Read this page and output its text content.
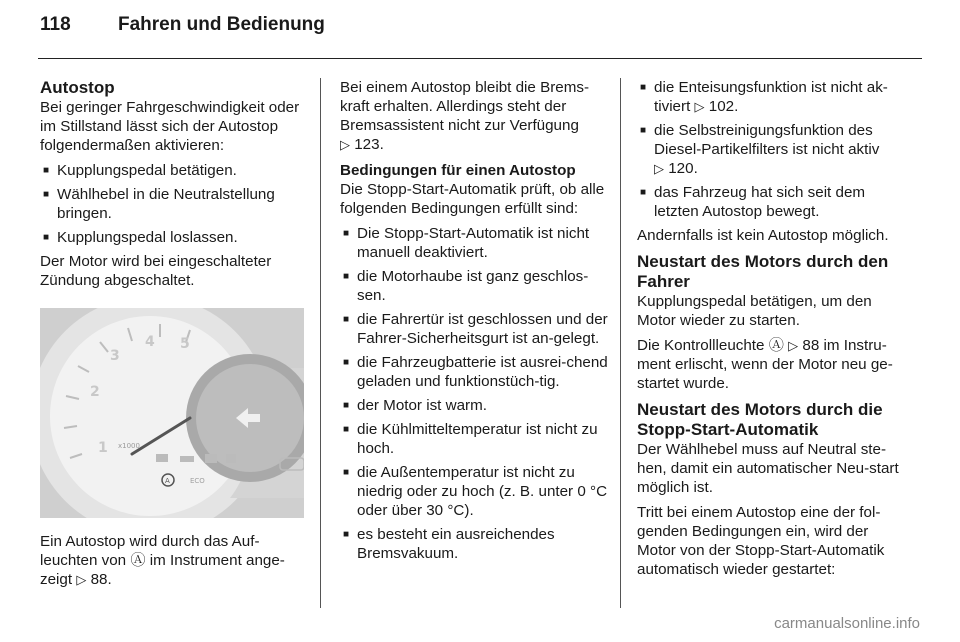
118 Fahren und Bedienung
Autostop

Bei geringer Fahrgeschwindigkeit oder im Stillstand lässt sich der Autostop folgendermaßen aktivieren:

■ Kupplungspedal betätigen.
■ Wählhebel in die Neutralstellung bringen.
■ Kupplungspedal loslassen.

Der Motor wird bei eingeschalteter Zündung abgeschaltet.

1
2
3
4 5
x1000
A	ECO

Ein Autostop wird durch das Auf-leuchten von Ⓐ im Instrument ange-zeigt ▷ 88.

Bei einem Autostop bleibt die Brems-kraft erhalten. Allerdings steht der Bremsassistent nicht zur Verfügung
▷ 123.

Bedingungen für einen Autostop

Die Stopp-Start-Automatik prüft, ob alle folgenden Bedingungen erfüllt sind:

■ Die Stopp-Start-Automatik ist nicht manuell deaktiviert.
■ die Motorhaube ist ganz geschlos-sen.
■ die Fahrertür ist geschlossen und der Fahrer-Sicherheitsgurt ist an-gelegt.
■ die Fahrzeugbatterie ist ausrei-chend geladen und funktionstüch-tig.
■ der Motor ist warm.
■ die Kühlmitteltemperatur ist nicht zu hoch.
■ die Außentemperatur ist nicht zu niedrig oder zu hoch (z. B. unter 0 °C oder über 30 °C).
■ es besteht ein ausreichendes Bremsvakuum.
■ die Enteisungsfunktion ist nicht ak-tiviert ▷ 102.
■ die Selbstreinigungsfunktion des Diesel-Partikelfilters ist nicht aktiv
▷ 120.
■ das Fahrzeug hat sich seit dem letzten Autostop bewegt.

Andernfalls ist kein Autostop möglich.

Neustart des Motors durch den Fahrer

Kupplungspedal betätigen, um den Motor wieder zu starten.

Die Kontrollleuchte Ⓐ ▷ 88 im Instru-ment erlischt, wenn der Motor neu ge-startet wurde.

Neustart des Motors durch die Stopp-Start-Automatik

Der Wählhebel muss auf Neutral ste-hen, damit ein automatischer Neu-start möglich ist.

Tritt bei einem Autostop eine der fol-genden Bedingungen ein, wird der Motor von der Stopp-Start-Automatik automatisch wieder gestartet:

carmanualsonline.info
